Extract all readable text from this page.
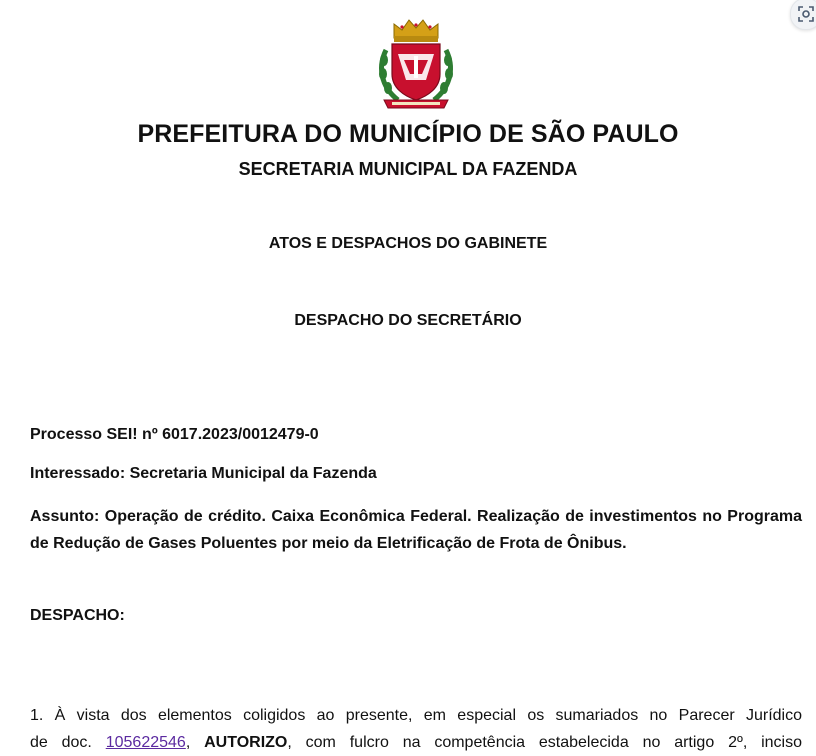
PREFEITURA DO MUNICÍPIO DE SÃO PAULO
SECRETARIA MUNICIPAL DA FAZENDA
ATOS E DESPACHOS DO GABINETE
DESPACHO DO SECRETÁRIO
Processo SEI! nº 6017.2023/0012479-0
Interessado: Secretaria Municipal da Fazenda
Assunto: Operação de crédito. Caixa Econômica Federal. Realização de investimentos no Programa de Redução de Gases Poluentes por meio da Eletrificação de Frota de Ônibus.
DESPACHO:
1. À vista dos elementos coligidos ao presente, em especial os sumariados no Parecer Jurídico
de doc. 105622546, AUTORIZO, com fulcro na competência estabelecida no artigo 2º, inciso
